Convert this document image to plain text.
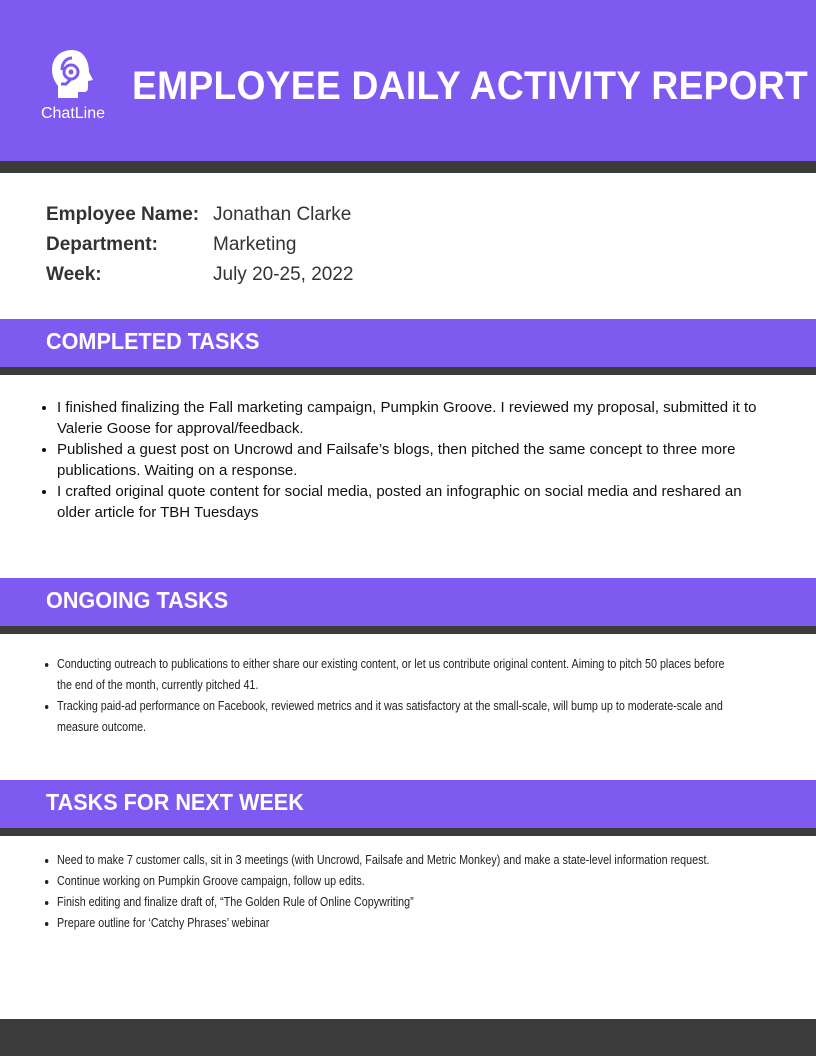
ChatLine
EMPLOYEE DAILY ACTIVITY REPORT
Employee Name: Jonathan Clarke
Department:	Marketing
Week:	July 20-25, 2022
COMPLETED TASKS
• I finished finalizing the Fall marketing campaign, Pumpkin Groove. I reviewed my proposal, submitted it to Valerie Goose for approval/feedback.
• Published a guest post on Uncrowd and Failsafe’s blogs, then pitched the same concept to three more publications. Waiting on a response.
• I crafted original quote content for social media, posted an infographic on social media and reshared an older article for TBH Tuesdays
ONGOING TASKS
• Conducting outreach to publications to either share our existing content, or let us contribute original content. Aiming to pitch 50 places before
the end of the month, currently pitched 41.
• Tracking paid-ad performance on Facebook, reviewed metrics and it was satisfactory at the small-scale, will bump up to moderate-scale and
measure outcome.
TASKS FOR NEXT WEEK
• Need to make 7 customer calls, sit in 3 meetings (with Uncrowd, Failsafe and Metric Monkey) and make a state-level information request.
• Continue working on Pumpkin Groove campaign, follow up edits.
• Finish editing and finalize draft of, “The Golden Rule of Online Copywriting”
• Prepare outline for ‘Catchy Phrases’ webinar
